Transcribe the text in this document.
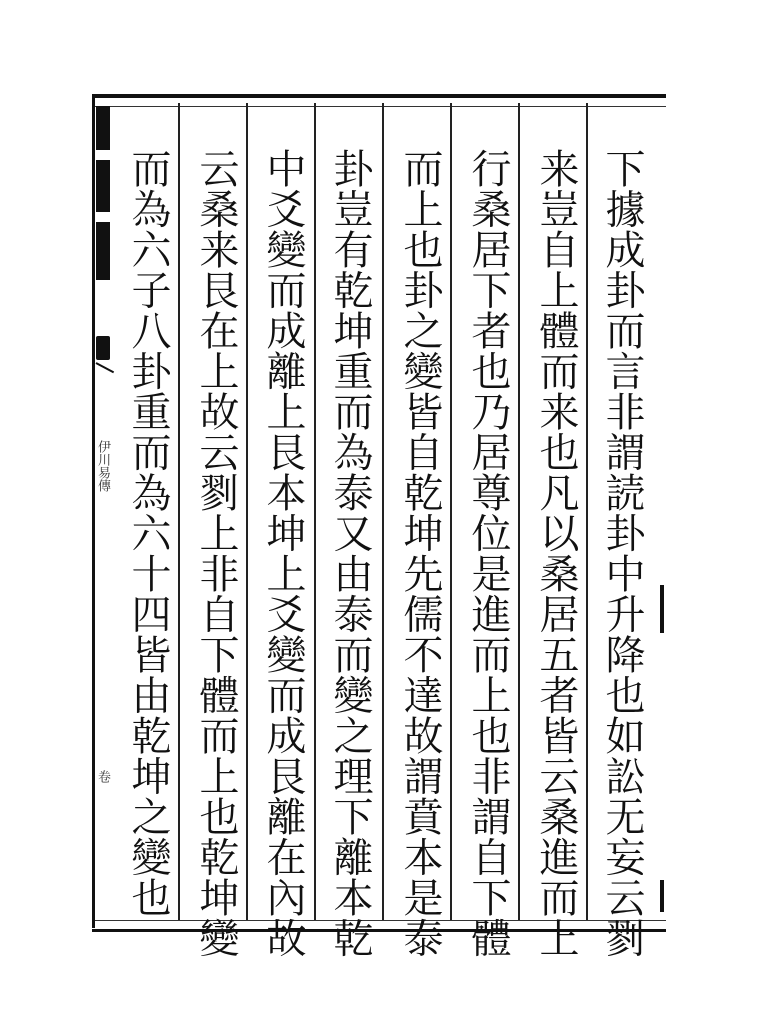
伊川易傳
卷	下據成卦而言非謂読卦中升降也如訟无妄云剹
来豈自上體而来也凡以桑居五者皆云桑進而上
行桑居下者也乃居尊位是進而上也非謂自下體
而上也卦之變皆自乾坤先儒不達故謂賁本是泰
卦豈有乾坤重而為泰又由泰而變之理下離本乾
中爻變而成離上艮本坤上爻變而成艮離在內故
云桑来艮在上故云剹上非自下體而上也乾坤變
而為六子八卦重而為六十四皆由乾坤之變也
